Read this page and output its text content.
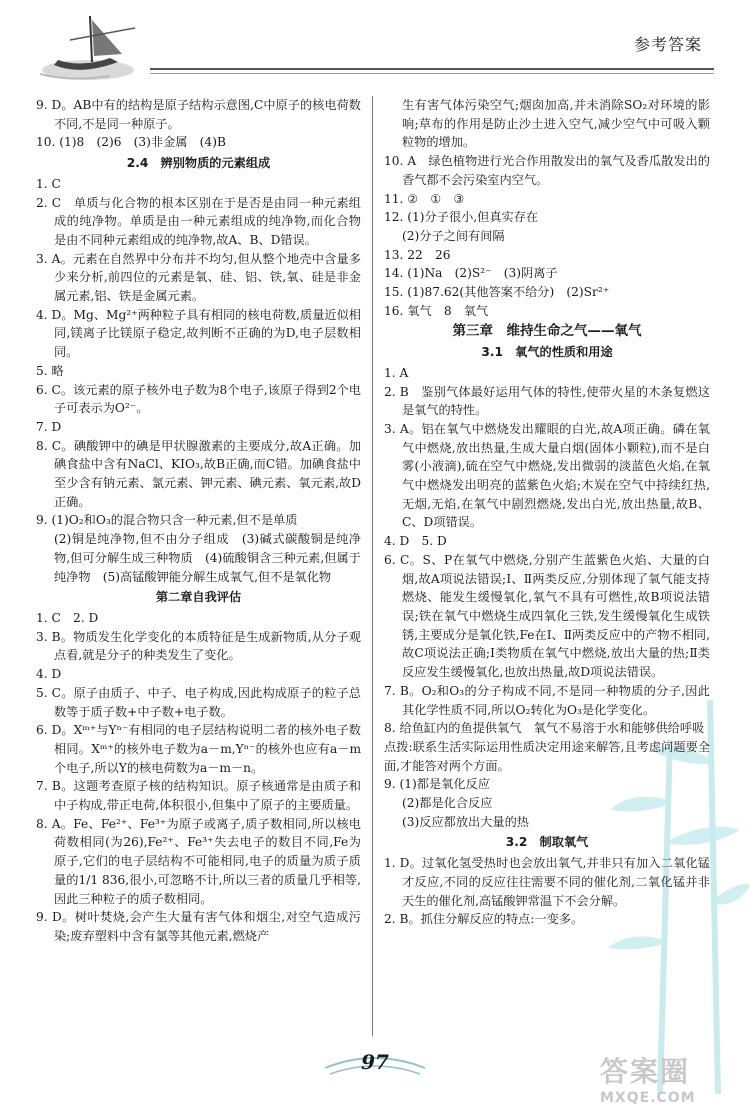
参考答案
9. D。AB中有的结构是原子结构示意图,C中原子的核电荷数不同,不是同一种原子。
10. (1)8　(2)6　(3)非金属　(4)B
2.4　辨别物质的元素组成
1. C
2. C　单质与化合物的根本区别在于是否是由同一种元素组成的纯净物。单质是由一种元素组成的纯净物,而化合物是由不同种元素组成的纯净物,故A、B、D错误。
3. A。元素在自然界中分布并不均匀,但从整个地壳中含量多少来分析,前四位的元素是氧、硅、铝、铁,氧、硅是非金属元素,铝、铁是金属元素。
4. D。Mg、Mg²⁺两种粒子具有相同的核电荷数,质量近似相同,镁离子比镁原子稳定,故判断不正确的为D,电子层数相同。
5. 略
6. C。该元素的原子核外电子数为8个电子,该原子得到2个电子可表示为O²⁻。
7. D
8. C。碘酸钾中的碘是甲状腺激素的主要成分,故A正确。加碘食盐中含有NaCl、KIO₃,故B正确,而C错。加碘食盐中至少含有钠元素、氯元素、钾元素、碘元素、氧元素,故D正确。
9. (1)O₂和O₃的混合物只含一种元素,但不是单质
(2)铜是纯净物,但不由分子组成　(3)碱式碳酸铜是纯净物,但可分解生成三种物质　(4)硫酸铜含三种元素,但属于纯净物　(5)高锰酸钾能分解生成氧气,但不是氧化物
第二章自我评估
1. C　2. D
3. B。物质发生化学变化的本质特征是生成新物质,从分子观点看,就是分子的种类发生了变化。
4. D
5. C。原子由质子、中子、电子构成,因此构成原子的粒子总数等于质子数+中子数+电子数。
6. D。Xᵐ⁺与Yⁿ⁻有相同的电子层结构说明二者的核外电子数相同。Xᵐ⁺的核外电子数为a－m,Yⁿ⁻的核外也应有a－m个电子,所以Y的核电荷数为a－m－n。
7. B。这题考查原子核的结构知识。原子核通常是由质子和中子构成,带正电荷,体积很小,但集中了原子的主要质量。
8. A。Fe、Fe²⁺、Fe³⁺为原子或离子,质子数相同,所以核电荷数相同(为26),Fe²⁺、Fe³⁺失去电子的数目不同,Fe为原子,它们的电子层结构不可能相同,电子的质量为质子质量的1/1 836,很小,可忽略不计,所以三者的质量几乎相等,因此三种粒子的质子数相同。
9. D。树叶焚烧,会产生大量有害气体和烟尘,对空气造成污染;废弃塑料中含有氯等其他元素,燃烧产
生有害气体污染空气;烟囱加高,并未消除SO₂对环境的影响;草布的作用是防止沙土进入空气,减少空气中可吸入颗粒物的增加。
10. A　绿色植物进行光合作用散发出的氧气及香瓜散发出的香气都不会污染室内空气。
11. ②　①　③
12. (1)分子很小,但真实存在
(2)分子之间有间隔
13. 22　26
14. (1)Na　(2)S²⁻　(3)阴离子
15. (1)87.62(其他答案不给分)　(2)Sr²⁺
16. 氧气　8　氧气
第三章　维持生命之气——氧气
3.1　氧气的性质和用途
1. A
2. B　鉴别气体最好运用气体的特性,使带火星的木条复燃这是氧气的特性。
3. A。铝在氧气中燃烧发出耀眼的白光,故A项正确。磷在氧气中燃烧,放出热量,生成大量白烟(固体小颗粒),而不是白雾(小液滴),硫在空气中燃烧,发出微弱的淡蓝色火焰,在氧气中燃烧发出明亮的蓝紫色火焰;木炭在空气中持续红热,无烟,无焰,在氧气中剧烈燃烧,发出白光,放出热量,故B、C、D项错误。
4. D　5. D
6. C。S、P在氧气中燃烧,分别产生蓝紫色火焰、大量的白烟,故A项说法错误;Ⅰ、Ⅱ两类反应,分别体现了氧气能支持燃烧、能发生缓慢氧化,氧气不具有可燃性,故B项说法错误;铁在氧气中燃烧生成四氧化三铁,发生缓慢氧化生成铁锈,主要成分是氧化铁,Fe在Ⅰ、Ⅱ两类反应中的产物不相同,故C项说法正确;Ⅰ类物质在氧气中燃烧,放出大量的热;Ⅱ类反应发生缓慢氧化,也放出热量,故D项说法错误。
7. B。O₂和O₃的分子构成不同,不是同一种物质的分子,因此其化学性质不同,所以O₂转化为O₃是化学变化。
8. 给鱼缸内的鱼提供氧气　氧气不易溶于水和能够供给呼吸
点拨:联系生活实际运用性质决定用途来解答,且考虑问题要全面,才能答对两个方面。
9. (1)都是氧化反应
(2)都是化合反应
(3)反应都放出大量的热
3.2　制取氧气
1. D。过氧化氢受热时也会放出氧气,并非只有加入二氧化锰才反应,不同的反应往往需要不同的催化剂,二氧化锰并非天生的催化剂,高锰酸钾常温下不会分解。
2. B。抓住分解反应的特点:一变多。
97	答案圈
MXQE.COM
